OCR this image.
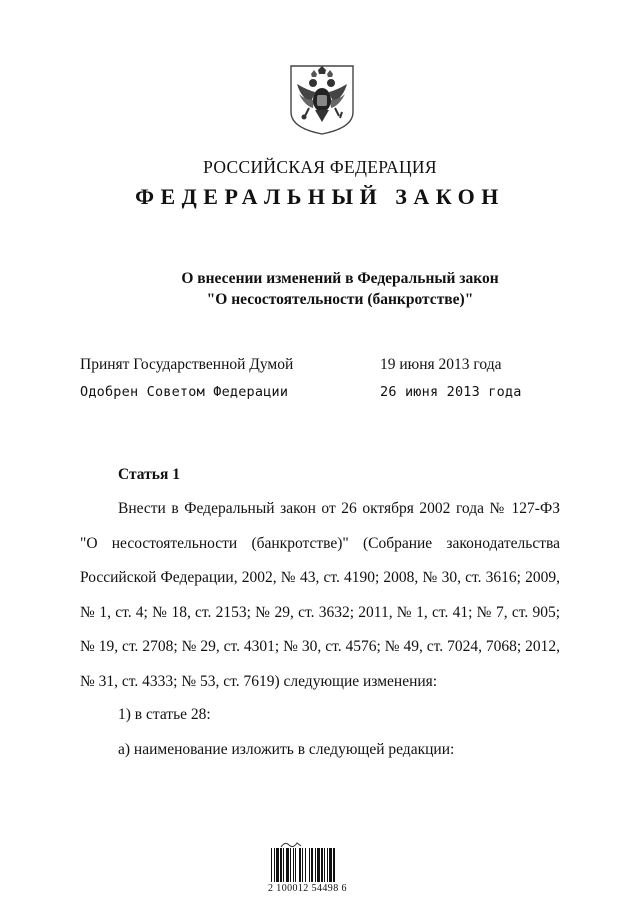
РОССИЙСКАЯ ФЕДЕРАЦИЯ
ФЕДЕРАЛЬНЫЙ ЗАКОН
О внесении изменений в Федеральный закон
"О несостоятельности (банкротстве)"
Принят Государственной Думой	19 июня 2013 года
Одобрен Советом Федерации	26 июня 2013 года
Статья 1

Внести в Федеральный закон от 26 октября 2002 года № 127-ФЗ "О несостоятельности (банкротстве)" (Собрание законодательства Российской Федерации, 2002, № 43, ст. 4190; 2008, № 30, ст. 3616; 2009, № 1, ст. 4; № 18, ст. 2153; № 29, ст. 3632; 2011, № 1, ст. 41; № 7, ст. 905; № 19, ст. 2708; № 29, ст. 4301; № 30, ст. 4576; № 49, ст. 7024, 7068; 2012, № 31, ст. 4333; № 53, ст. 7619) следующие изменения:

1) в статье 28:
а) наименование изложить в следующей редакции:
2 100012 54498 6
